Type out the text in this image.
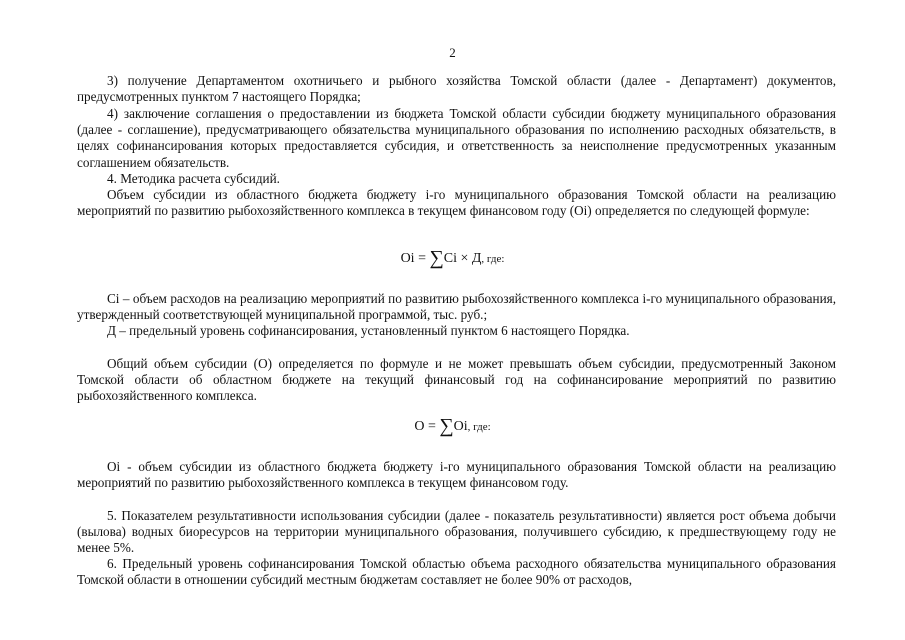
2
3) получение Департаментом охотничьего и рыбного хозяйства Томской области (далее - Департамент) документов, предусмотренных пунктом 7 настоящего Порядка;
4) заключение соглашения о предоставлении из бюджета Томской области субсидии бюджету муниципального образования (далее - соглашение), предусматривающего обязательства муниципального образования по исполнению расходных обязательств, в целях софинансирования которых предоставляется субсидия, и ответственность за неисполнение предусмотренных указанным соглашением обязательств.
4. Методика расчета субсидий.
Объем субсидии из областного бюджета бюджету i-го муниципального образования Томской области на реализацию мероприятий по развитию рыбохозяйственного комплекса в текущем финансовом году (Oi) определяется по следующей формуле:
Oi = ∑Ci × Д, где:
Ci – объем расходов на реализацию мероприятий по развитию рыбохозяйственного комплекса i-го муниципального образования, утвержденный соответствующей муниципальной программой, тыс. руб.;
Д – предельный уровень софинансирования, установленный пунктом 6 настоящего Порядка.
Общий объем субсидии (О) определяется по формуле и не может превышать объем субсидии, предусмотренный Законом Томской области об областном бюджете на текущий финансовый год на софинансирование мероприятий по развитию рыбохозяйственного комплекса.
O = ∑Oi, где:
Oi - объем субсидии из областного бюджета бюджету i-го муниципального образования Томской области на реализацию мероприятий по развитию рыбохозяйственного комплекса в текущем финансовом году.
5. Показателем результативности использования субсидии (далее - показатель результативности) является рост объема добычи (вылова) водных биоресурсов на территории муниципального образования, получившего субсидию, к предшествующему году не менее 5%.
6. Предельный уровень софинансирования Томской областью объема расходного обязательства муниципального образования Томской области в отношении субсидий местным бюджетам составляет не более 90% от расходов,
